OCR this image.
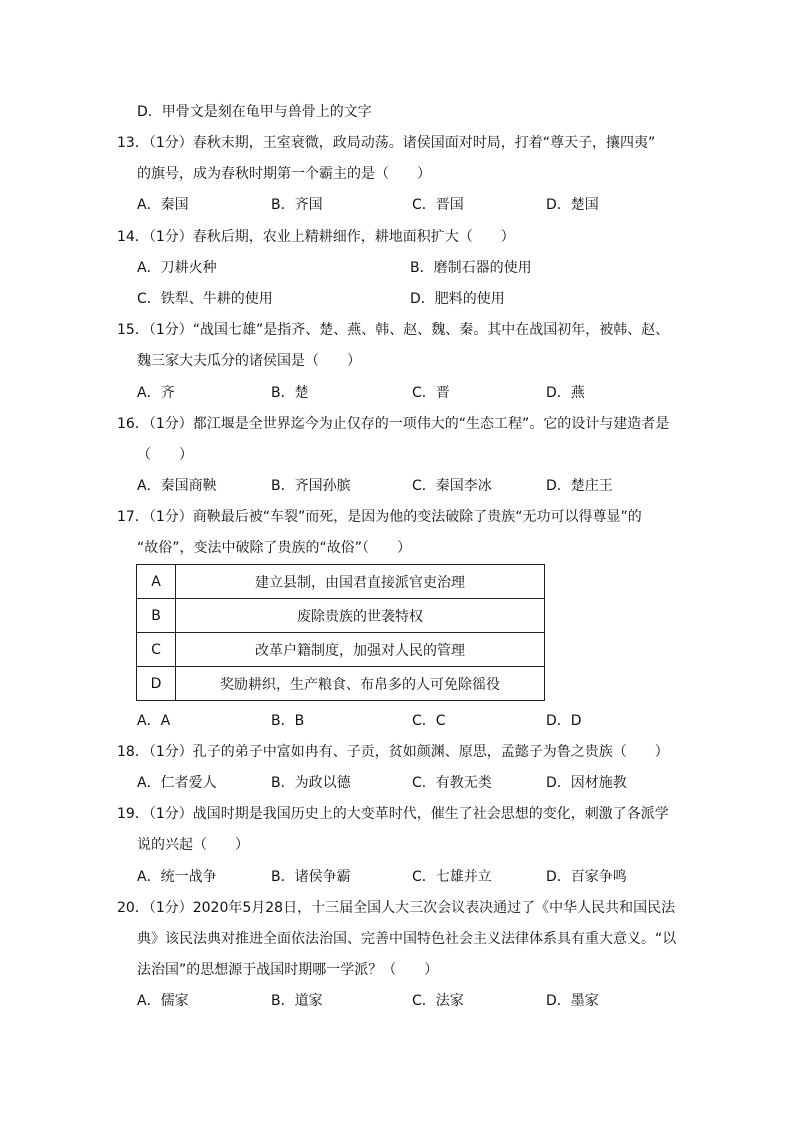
D．甲骨文是刻在龟甲与兽骨上的文字
13．（1分）春秋末期，王室衰微，政局动荡。诸侯国面对时局，打着“尊天子，攘四夷”
的旗号，成为春秋时期第一个霸主的是（　　）
A．秦国	B．齐国	C．晋国	D．楚国
14．（1分）春秋后期，农业上精耕细作，耕地面积扩大（　　）
A．刀耕火种	B．磨制石器的使用
C．铁犁、牛耕的使用	D．肥料的使用
15．（1分）“战国七雄”是指齐、楚、燕、韩、赵、魏、秦。其中在战国初年，被韩、赵、
魏三家大夫瓜分的诸侯国是（　　）
A．齐	B．楚	C．晋	D．燕
16．（1分）都江堰是全世界迄今为止仅存的一项伟大的“生态工程”。它的设计与建造者是
（　　）
A．秦国商鞅	B．齐国孙膑	C．秦国李冰	D．楚庄王
17．（1分）商鞅最后被“车裂”而死，是因为他的变法破除了贵族“无功可以得尊显”的
“故俗”，变法中破除了贵族的“故俗”（　　）
A	建立县制，由国君直接派官吏治理
B	废除贵族的世袭特权
C	改革户籍制度，加强对人民的管理
D	奖励耕织，生产粮食、布帛多的人可免除徭役
A．A	B．B	C．C	D．D
18．（1分）孔子的弟子中富如冉有、子贡，贫如颜渊、原思，孟懿子为鲁之贵族（　　）
A．仁者爱人	B．为政以德	C．有教无类	D．因材施教
19．（1分）战国时期是我国历史上的大变革时代，催生了社会思想的变化，刺激了各派学
说的兴起（　　）
A．统一战争	B．诸侯争霸	C．七雄并立	D．百家争鸣
20．（1分）2020年5月28日，十三届全国人大三次会议表决通过了《中华人民共和国民法
典》该民法典对推进全面依法治国、完善中国特色社会主义法律体系具有重大意义。“以
法治国”的思想源于战国时期哪一学派？（　　）
A．儒家	B．道家	C．法家	D．墨家
